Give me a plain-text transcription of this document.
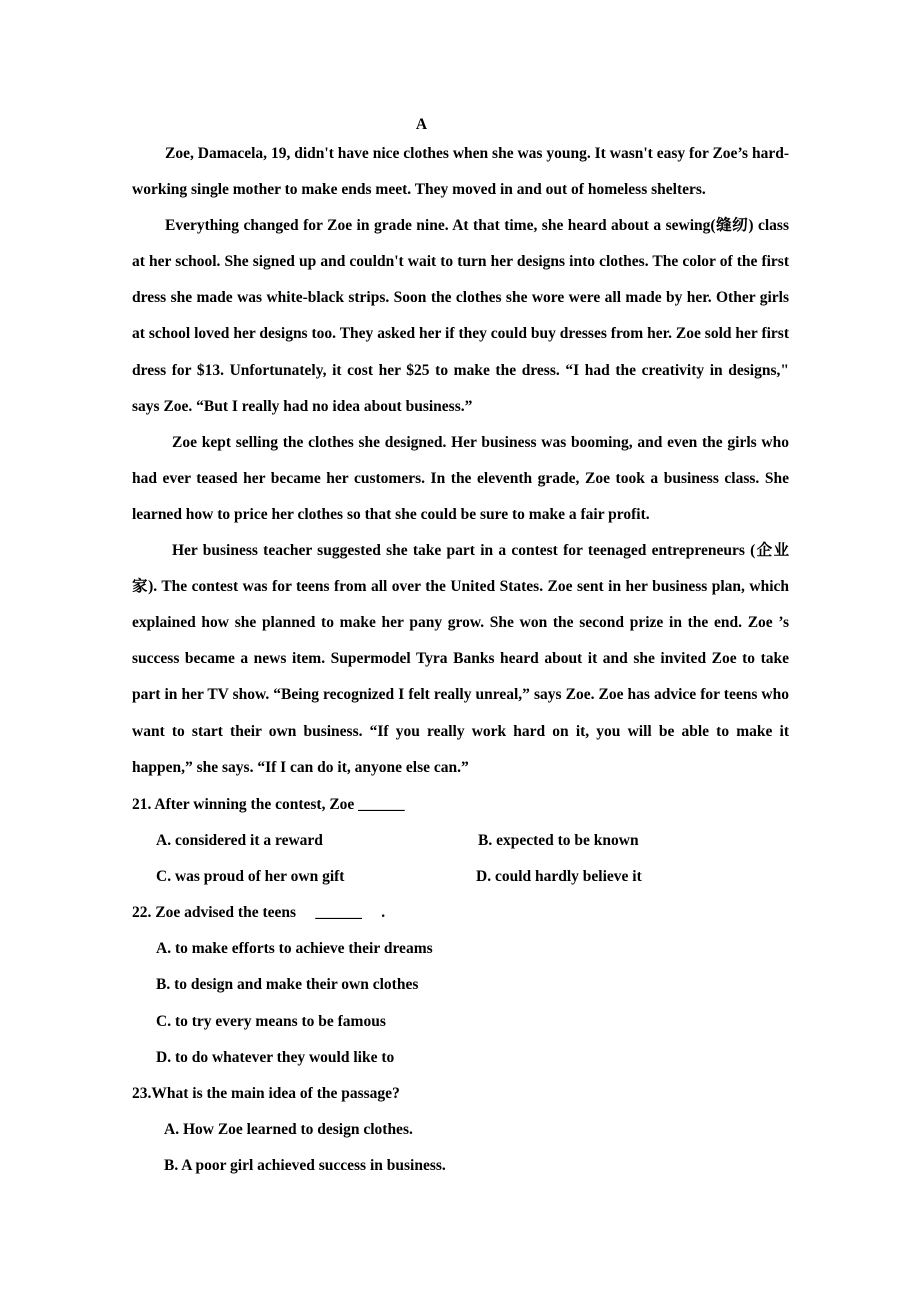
A

Zoe, Damacela, 19, didn't have nice clothes when she was young. It wasn't easy for Zoe’s hard-working single mother to make ends meet. They moved in and out of homeless shelters.

Everything changed for Zoe in grade nine. At that time, she heard about a sewing(缝纫) class at her school. She signed up and couldn't wait to turn her designs into clothes. The color of the first dress she made was white-black strips. Soon the clothes she wore were all made by her. Other girls at school loved her designs too. They asked her if they could buy dresses from her. Zoe sold her first dress for $13. Unfortunately, it cost her $25 to make the dress. “I had the creativity in designs," says Zoe. “But I really had no idea about business.”

Zoe kept selling the clothes she designed. Her business was booming, and even the girls who had ever teased her became her customers. In the eleventh grade, Zoe took a business class. She learned how to price her clothes so that she could be sure to make a fair profit.

Her business teacher suggested she take part in a contest for teenaged entrepreneurs (企业家). The contest was for teens from all over the United States. Zoe sent in her business plan, which explained how she planned to make her pany grow. She won the second prize in the end. Zoe ’s success became a news item. Supermodel Tyra Banks heard about it and she invited Zoe to take part in her TV show. “Being recognized I felt really unreal,” says Zoe. Zoe has advice for teens who want to start their own business. “If you really work hard on it, you will be able to make it happen,” she says. “If I can do it, anyone else can.”

21. After winning the contest, Zoe ______
A. considered it a reward	B. expected to be known
C. was proud of her own gift	D. could hardly believe it
22. Zoe advised the teens     ______     .
A. to make efforts to achieve their dreams
B. to design and make their own clothes
C. to try every means to be famous
D. to do whatever they would like to
23.What is the main idea of the passage?
A. How Zoe learned to design clothes.
B. A poor girl achieved success in business.
